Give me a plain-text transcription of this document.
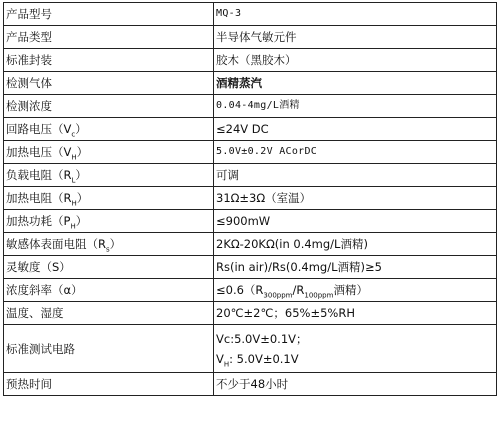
产品型号	MQ-3
产品类型	半导体气敏元件
标准封装	胶木（黑胶木）
检测气体	酒精蒸汽
检测浓度	0.04-4mg/L酒精
回路电压$(V_c)$	≤24V DC
加热电压$(V_H)$	5.0V±0.2V ACorDC
负载电阻$(R_L)$	可调
加热电阻$(R_H)$	31Ω±3Ω（室温）
加热功耗$(P_H)$	≤900mW
敏感体表面电阻$(R_s)$	2KΩ-20KΩ(in 0.4mg/L酒精)
灵敏度（S）	Rs(in air)/Rs(0.4mg/L酒精)≥5
浓度斜率（α）	$\le 0.6(R_{300ppm}/R_{100ppm}$酒精）
温度、湿度	20℃±2℃；65%±5%RH
标准测试电路	Vc:5.0V±0.1V；
$V_H$: 5.0V±0.1V

预热时间	不少于48小时
